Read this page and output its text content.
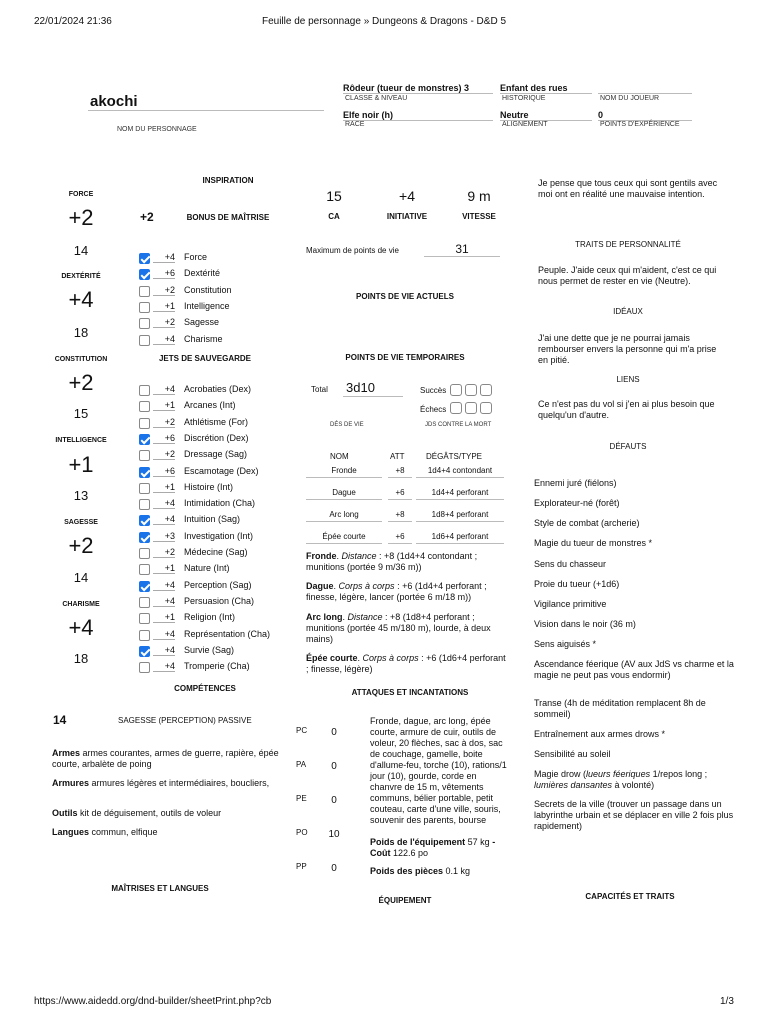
22/01/2024 21:36	Feuille de personnage » Dungeons & Dragons - D&D 5
https://www.aidedd.org/dnd-builder/sheetPrint.php?cb	1/3
akochi
NOM DU PERSONNAGE
Rôdeur (tueur de monstres) 3
CLASSE & NIVEAU
Enfant des rues
HISTORIQUE	NOM DU JOUEUR
Elfe noir (h)
RACE
Neutre
ALIGNEMENT
0
POINTS D'EXPÉRIENCE
FORCE
+2
14
DEXTÉRITÉ
+4
18
CONSTITUTION
+2
15
INTELLIGENCE
+1
13
SAGESSE
+2
14
CHARISME
+4
18
INSPIRATION
+2	BONUS DE MAÎTRISE
+4 Force
+6 Dextérité
+2 Constitution
+1 Intelligence
+2 Sagesse
+4 Charisme
JETS DE SAUVEGARDE
+4 Acrobaties (Dex)
+1 Arcanes (Int)
+2 Athlétisme (For)
+6 Discrétion (Dex)
+2 Dressage (Sag)
+6 Escamotage (Dex)
+1 Histoire (Int)
+4 Intimidation (Cha)
+4 Intuition (Sag)
+3 Investigation (Int)
+2 Médecine (Sag)
+1 Nature (Int)
+4 Perception (Sag)
+4 Persuasion (Cha)
+1 Religion (Int)
+4 Représentation (Cha)
+4 Survie (Sag)
+4 Tromperie (Cha)
COMPÉTENCES
14	SAGESSE (PERCEPTION) PASSIVE
Armes armes courantes, armes de guerre, rapière, épée courte, arbalète de poing
Armures armures légères et intermédiaires, boucliers,
Outils kit de déguisement, outils de voleur
Langues commun, elfique
MAÎTRISES ET LANGUES
15
CA
+4
INITIATIVE
9 m
VITESSE
Maximum de points de vie	31
POINTS DE VIE ACTUELS
POINTS DE VIE TEMPORAIRES
Total 3d10
DÉS DE VIE
Succès
Échecs
JDS CONTRE LA MORT
NOM	ATT	DÉGÂTS/TYPE
Fronde	+8	1d4+4 contondant
Dague	+6	1d4+4 perforant
Arc long	+8	1d8+4 perforant
Épée courte	+6	1d6+4 perforant
Fronde. Distance : +8 (1d4+4 contondant ; munitions (portée 9 m/36 m))
Dague. Corps à corps : +6 (1d4+4 perforant ; finesse, légère, lancer (portée 6 m/18 m))
Arc long. Distance : +8 (1d8+4 perforant ; munitions (portée 45 m/180 m), lourde, à deux mains)
Épée courte. Corps à corps : +6 (1d6+4 perforant ; finesse, légère)
ATTAQUES ET INCANTATIONS
PC	0
PA	0
PE	0
PO	10
PP	0
Fronde, dague, arc long, épée courte, armure de cuir, outils de voleur, 20 flèches, sac à dos, sac de couchage, gamelle, boite d'allume-feu, torche (10), rations/1 jour (10), gourde, corde en chanvre de 15 m, vêtements communs, bélier portable, petit couteau, carte d'une ville, souris, souvenir des parents, bourse
Poids de l'équipement 57 kg - Coût 122.6 po
Poids des pièces 0.1 kg
ÉQUIPEMENT
Je pense que tous ceux qui sont gentils avec moi ont en réalité une mauvaise intention.
TRAITS DE PERSONNALITÉ
Peuple. J'aide ceux qui m'aident, c'est ce qui nous permet de rester en vie (Neutre).
IDÉAUX
J'ai une dette que je ne pourrai jamais rembourser envers la personne qui m'a prise en pitié.
LIENS
Ce n'est pas du vol si j'en ai plus besoin que quelqu'un d'autre.
DÉFAUTS
Ennemi juré (fiélons)
Explorateur-né (forêt)
Style de combat (archerie)
Magie du tueur de monstres *
Sens du chasseur
Proie du tueur (+1d6)
Vigilance primitive
Vision dans le noir (36 m)
Sens aiguisés *
Ascendance féerique (AV aux JdS vs charme et la magie ne peut pas vous endormir)
Transe (4h de méditation remplacent 8h de sommeil)
Entraînement aux armes drows *
Sensibilité au soleil
Magie drow (lueurs féeriques 1/repos long ; lumières dansantes à volonté)
Secrets de la ville (trouver un passage dans un labyrinthe urbain et se déplacer en ville 2 fois plus rapidement)
CAPACITÉS ET TRAITS
